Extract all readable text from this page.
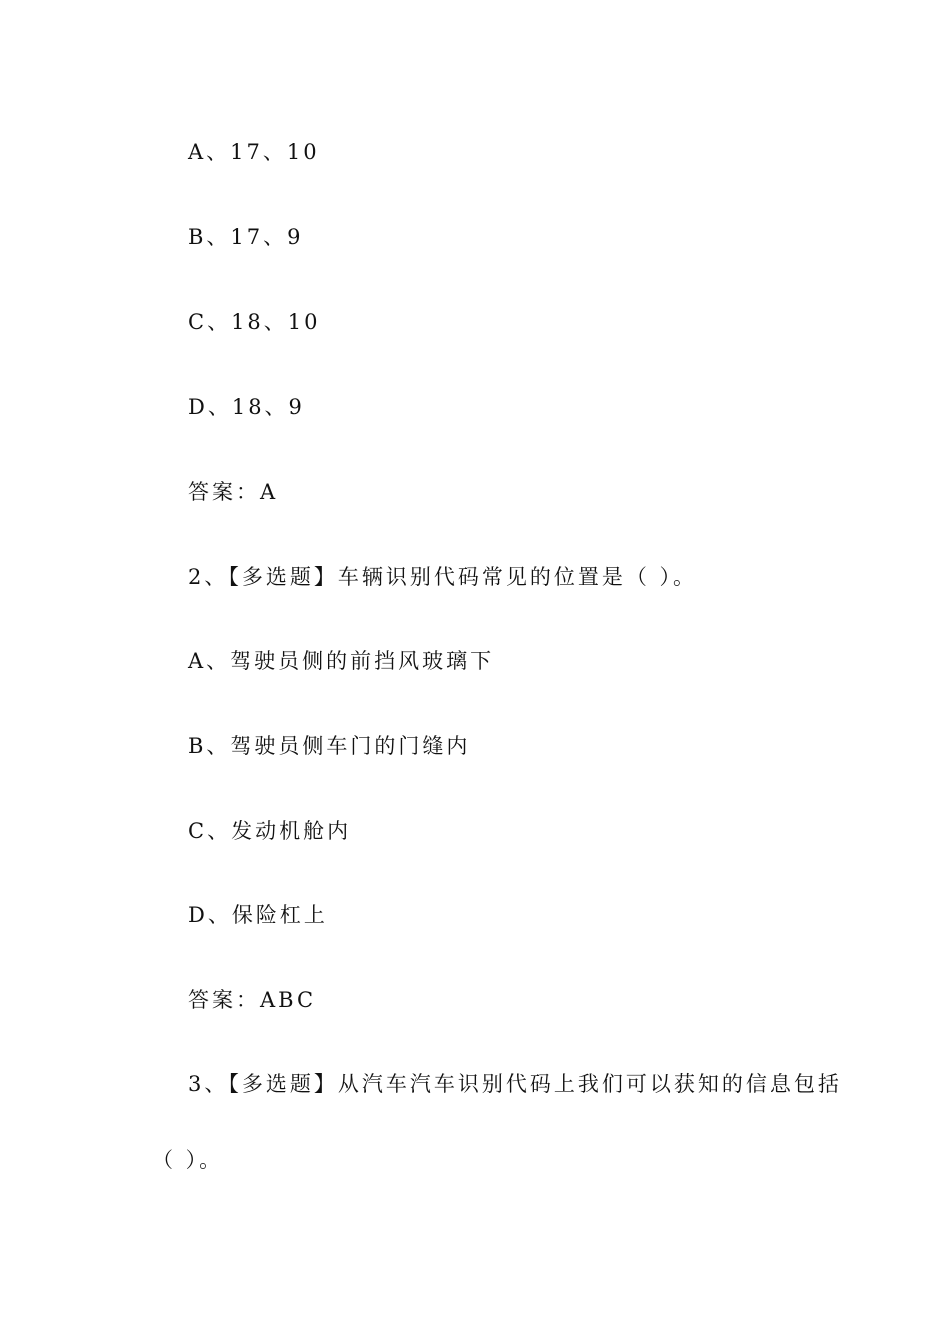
A、17、10
B、17、9
C、18、10
D、18、9
答案：A
2、【多选题】车辆识别代码常见的位置是（ ）。
A、驾驶员侧的前挡风玻璃下
B、驾驶员侧车门的门缝内
C、发动机舱内
D、保险杠上
答案：ABC
3、【多选题】从汽车汽车识别代码上我们可以获知的信息包括
（ ）。
